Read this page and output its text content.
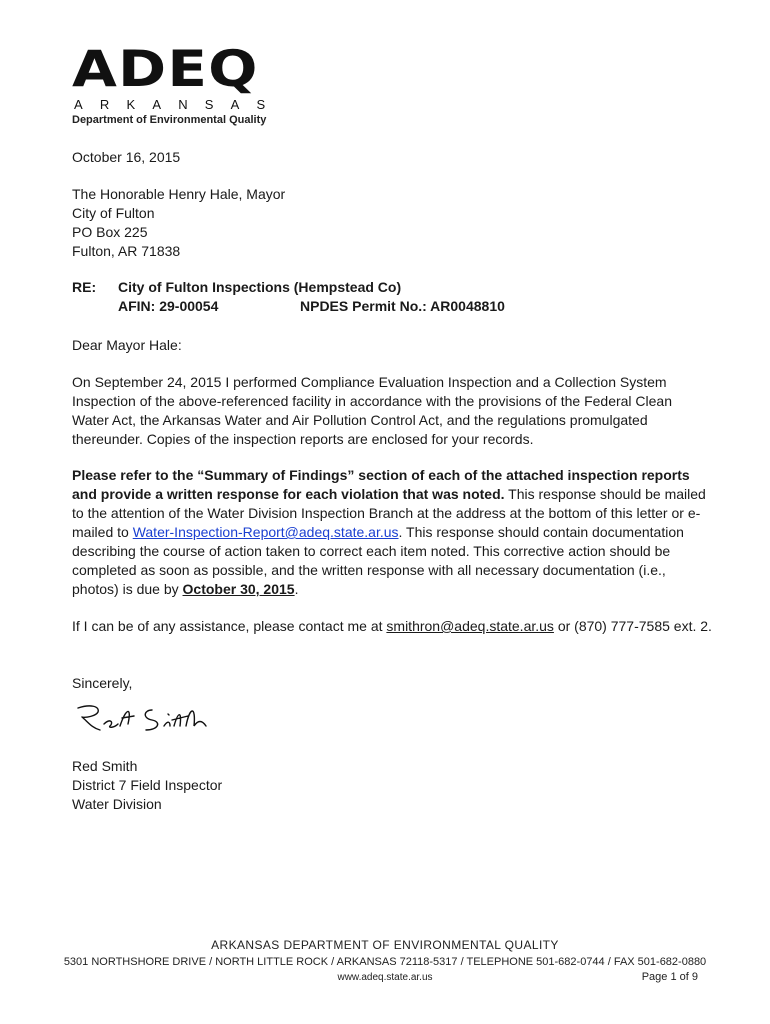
ADEQ
ARKANSAS
Department of Environmental Quality
October 16, 2015
The Honorable Henry Hale, Mayor
City of Fulton
PO Box 225
Fulton, AR 71838
RE: City of Fulton Inspections (Hempstead Co)
AFIN: 29-00054	NPDES Permit No.: AR0048810
Dear Mayor Hale:
On September 24, 2015 I performed Compliance Evaluation Inspection and a Collection System Inspection of the above-referenced facility in accordance with the provisions of the Federal Clean Water Act, the Arkansas Water and Air Pollution Control Act, and the regulations promulgated thereunder. Copies of the inspection reports are enclosed for your records.
Please refer to the “Summary of Findings” section of each of the attached inspection reports and provide a written response for each violation that was noted. This response should be mailed to the attention of the Water Division Inspection Branch at the address at the bottom of this letter or e-mailed to Water-Inspection-Report@adeq.state.ar.us. This response should contain documentation describing the course of action taken to correct each item noted. This corrective action should be completed as soon as possible, and the written response with all necessary documentation (i.e., photos) is due by October 30, 2015.
If I can be of any assistance, please contact me at smithron@adeq.state.ar.us or (870) 777-7585 ext. 2.
Sincerely,
Red Smith
District 7 Field Inspector
Water Division
ARKANSAS DEPARTMENT OF ENVIRONMENTAL QUALITY
5301 NORTHSHORE DRIVE / NORTH LITTLE ROCK / ARKANSAS 72118-5317 / TELEPHONE 501-682-0744 / FAX 501-682-0880
www.adeq.state.ar.us	Page 1 of 9
